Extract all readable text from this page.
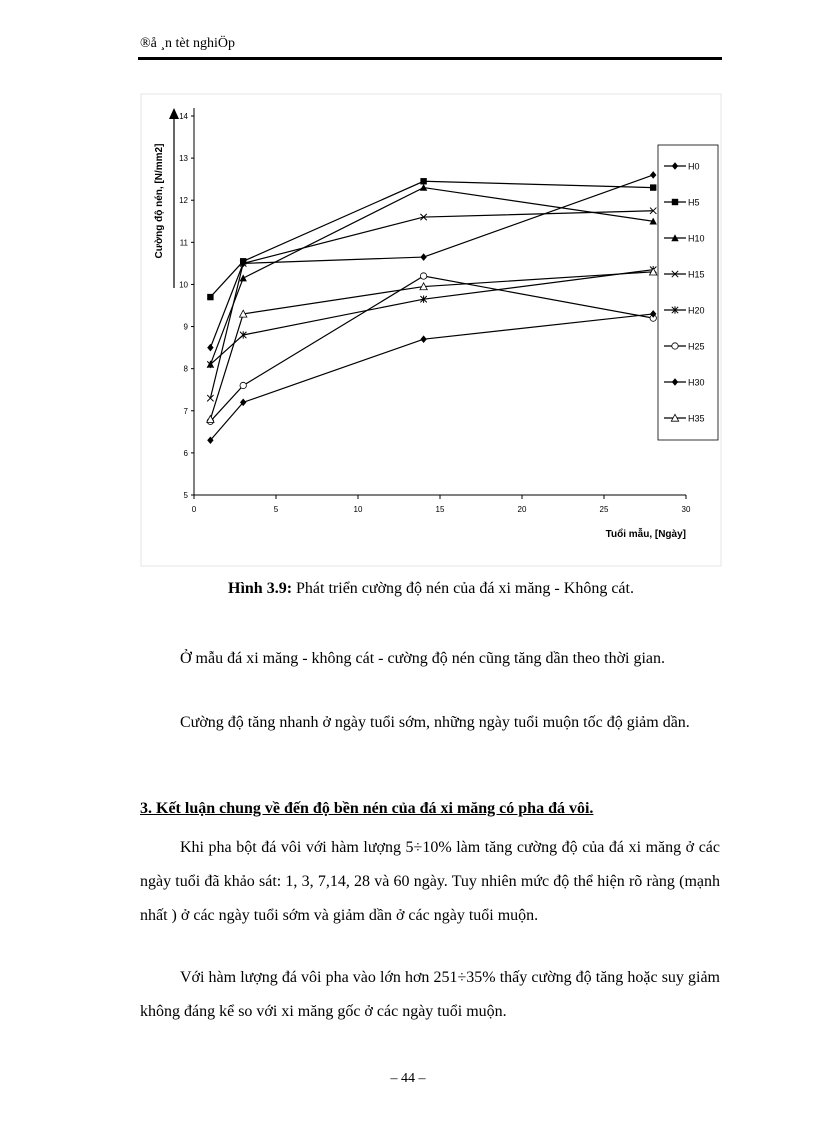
®å ¸n tèt nghiÖp
5
6
7
8
9
10
11
12
13
14
0	5	10	15	20	25	30
Cường độ nén, [N/mm2]
Tuổi mẫu, [Ngày]
H0
H5
H10
H15
H20
H25
H30
H35
Hình 3.9: Phát triển cường độ nén của đá xi măng - Không cát.
Ở mẫu đá xi măng - không cát - cường độ nén cũng tăng dần theo thời gian.
Cường độ tăng nhanh ở ngày tuổi sớm, những ngày tuổi muộn tốc độ giảm dần.
3. Kết luận chung về đến độ bền nén của đá xi măng có pha đá vôi.
Khi pha bột đá vôi với hàm lượng 5÷10% làm tăng cường độ của đá xi măng ở các ngày tuổi đã khảo sát: 1, 3, 7,14, 28 và 60 ngày. Tuy nhiên mức độ thể hiện rõ ràng (mạnh nhất ) ở các ngày tuổi sớm và giảm dần ở các ngày tuổi muộn.
Với hàm lượng đá vôi pha vào lớn hơn 251÷35% thấy cường độ tăng hoặc suy giảm không đáng kể so với xi măng gốc ở các ngày tuổi muộn.
– 44 –
